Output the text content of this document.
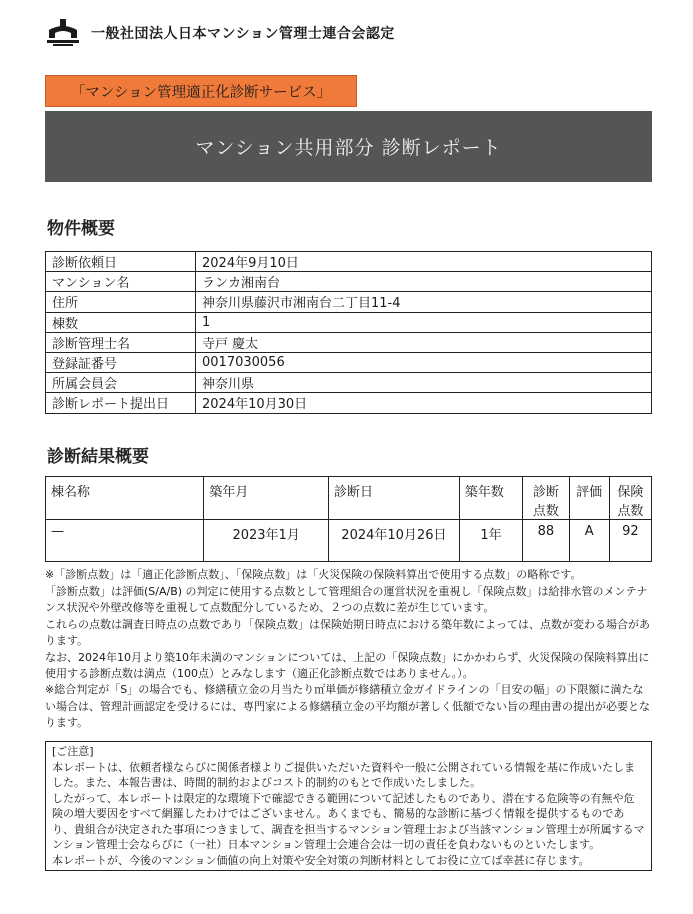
一般社団法人日本マンション管理士連合会認定
「マンション管理適正化診断サービス」
マンション共用部分 診断レポート
物件概要
診断依頼日	2024年9月10日
マンション名	ランカ湘南台
住所	神奈川県藤沢市湘南台二丁目11-4
棟数	1
診断管理士名	寺戸 慶太
登録証番号	0017030056
所属会員会	神奈川県
診断レポート提出日	2024年10月30日
診断結果概要
棟名称	築年月	診断日	築年数	診断点数	評価	保険点数
—	2023年1月	2024年10月26日	1年	88	A	92

※「診断点数」は「適正化診断点数」、「保険点数」は「火災保険の保険料算出で使用する点数」の略称です。

「診断点数」は評価(S/A/B) の判定に使用する点数として管理組合の運営状況を重視し「保険点数」は給排水管のメンテナンス状況や外壁改修等を重視して点数配分しているため、２つの点数に差が生じています。

これらの点数は調査日時点の点数であり「保険点数」は保険始期日時点における築年数によっては、点数が変わる場合があります。

なお、2024年10月より築10年未満のマンションについては、上記の「保険点数」にかかわらず、火災保険の保険料算出に使用する診断点数は満点（100点）とみなします（適正化診断点数ではありません。）。

※総合判定が「S」の場合でも、修繕積立金の月当たり㎡単価が修繕積立金ガイドラインの「目安の幅」の下限額に満たない場合は、管理計画認定を受けるには、専門家による修繕積立金の平均額が著しく低額でない旨の理由書の提出が必要となります。

[ご注意]

本レポートは、依頼者様ならびに関係者様よりご提供いただいた資料や一般に公開されている情報を基に作成いたしました。また、本報告書は、時間的制約およびコスト的制約のもとで作成いたしました。

したがって、本レポートは限定的な環境下で確認できる範囲について記述したものであり、潜在する危険等の有無や危険の増大要因をすべて網羅したわけではございません。あくまでも、簡易的な診断に基づく情報を提供するものであり、貴組合が決定された事項につきまして、調査を担当するマンション管理士および当該マンション管理士が所属するマンション管理士会ならびに（一社）日本マンション管理士会連合会は一切の責任を負わないものといたします。

本レポートが、今後のマンション価値の向上対策や安全対策の判断材料としてお役に立てば幸甚に存じます。
